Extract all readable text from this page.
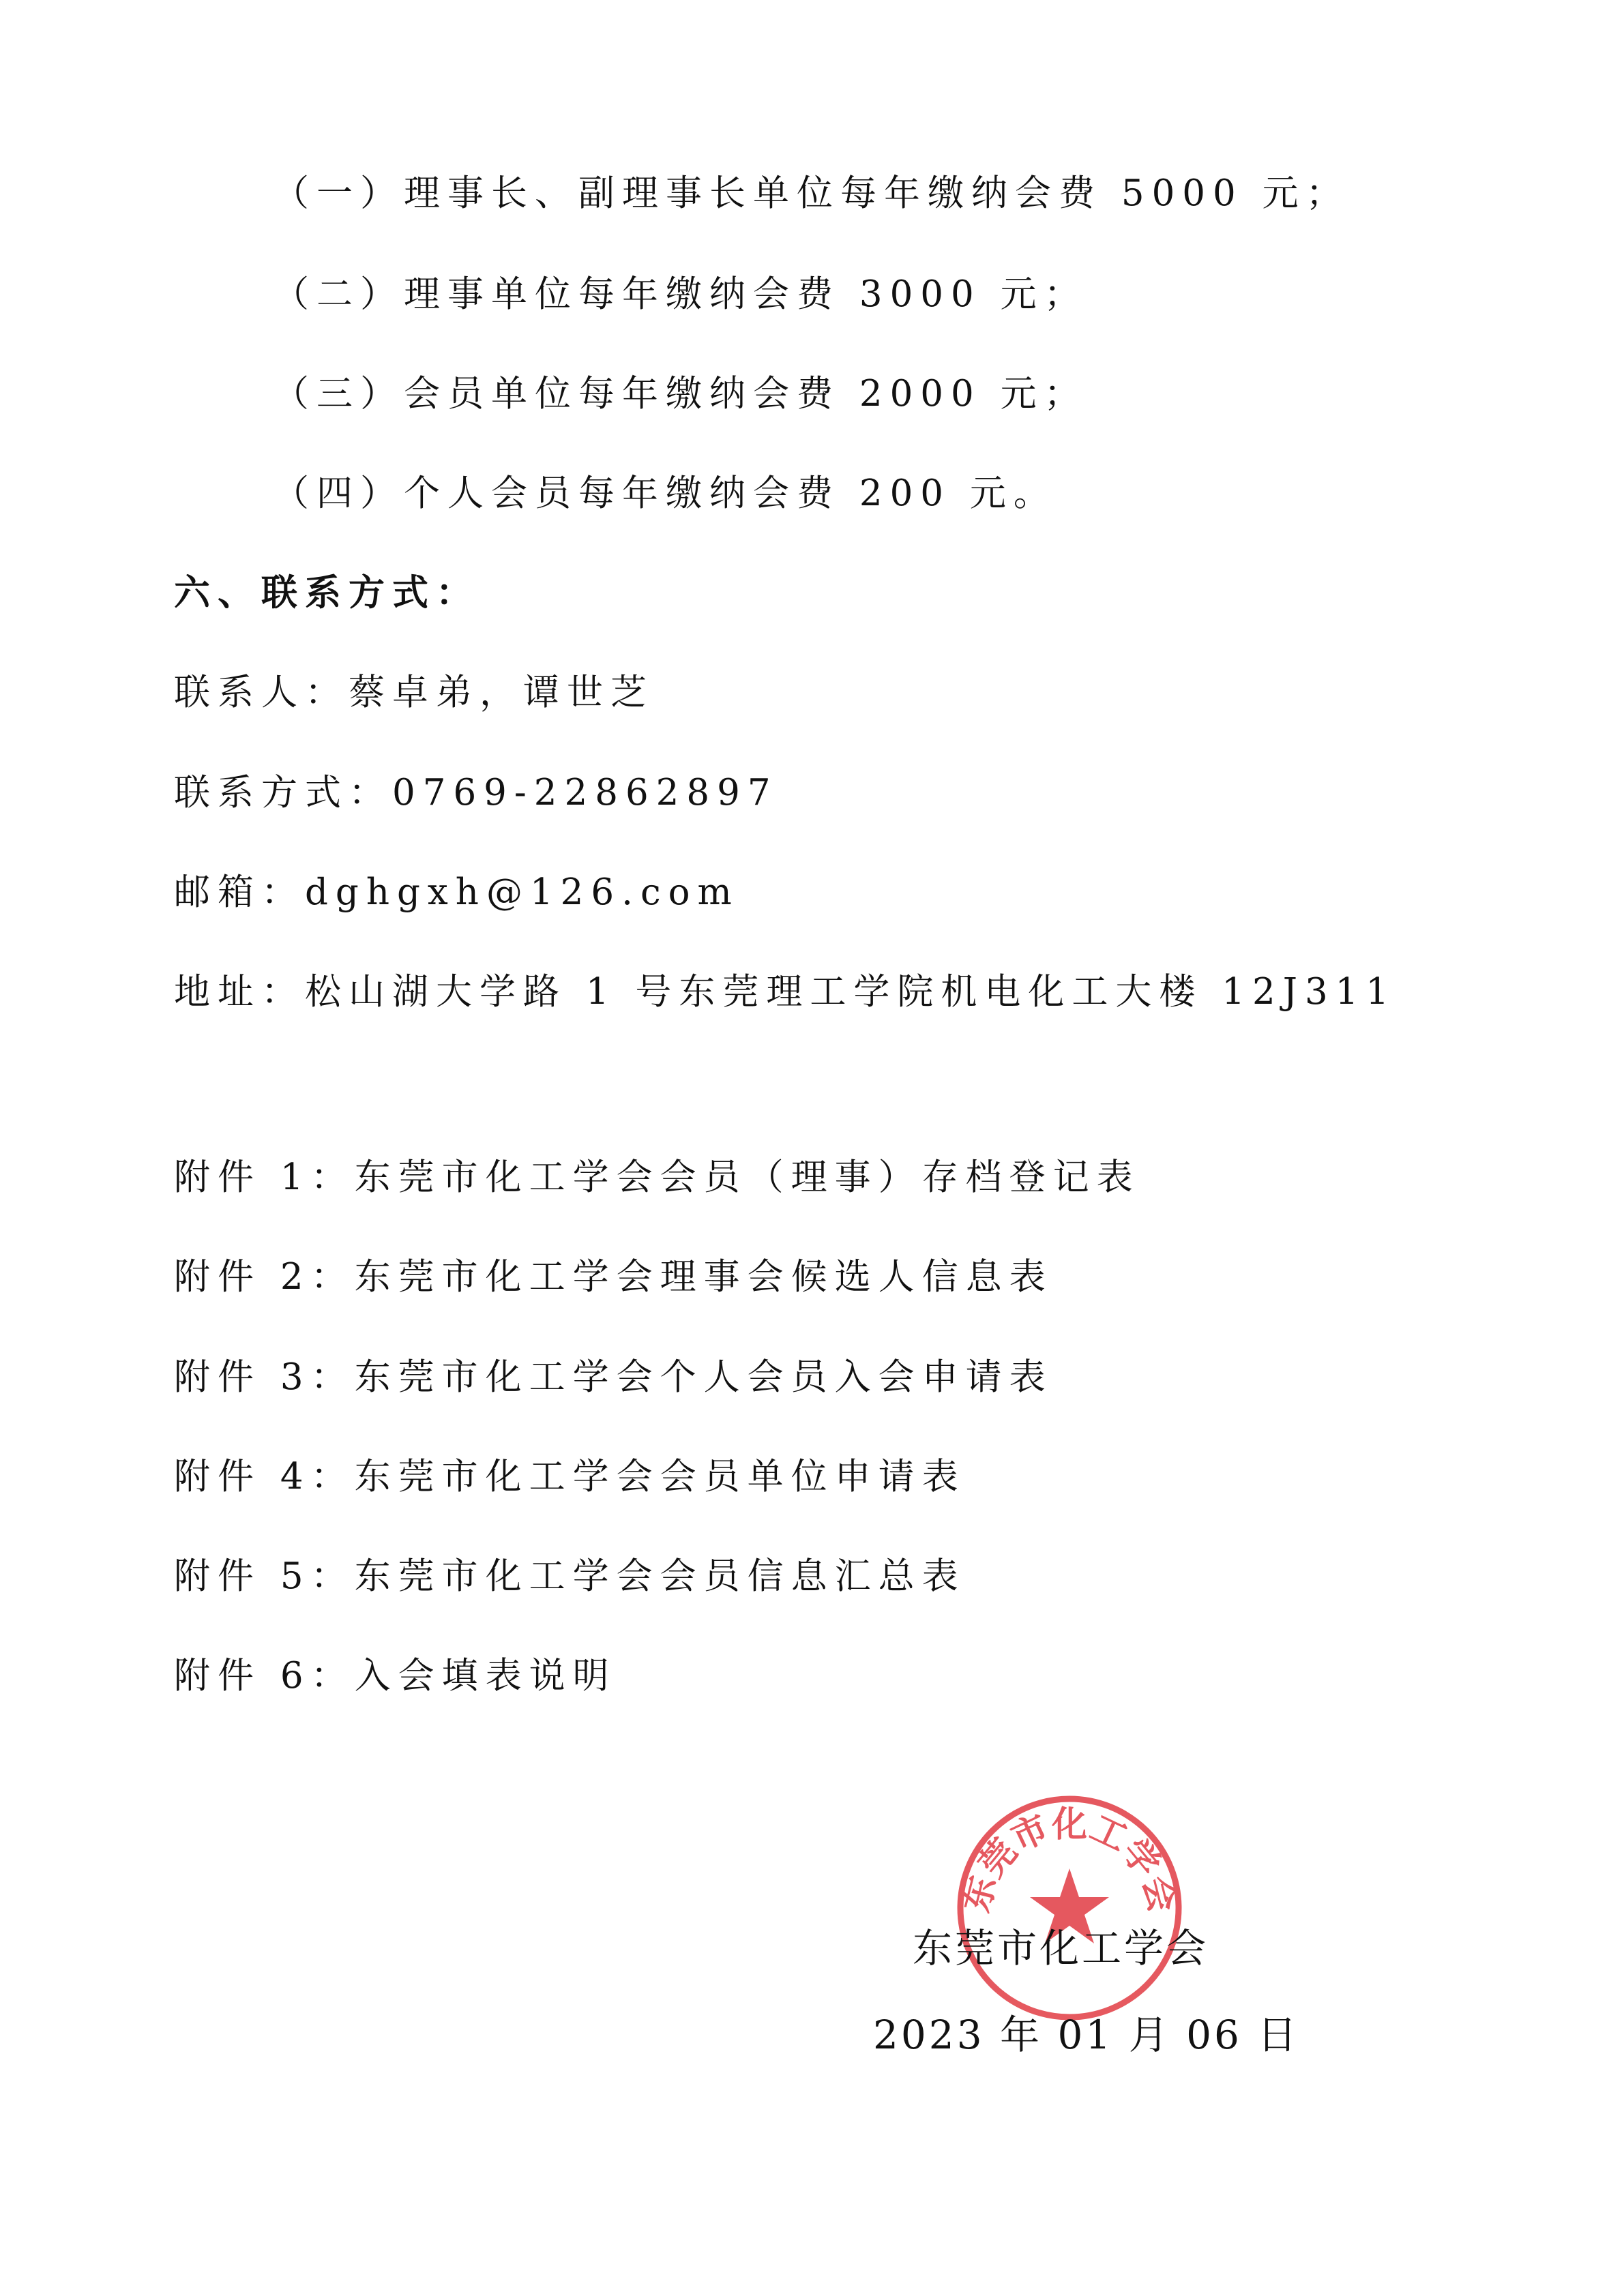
（一）理事长、副理事长单位每年缴纳会费 5000 元；
（二）理事单位每年缴纳会费 3000 元；
（三）会员单位每年缴纳会费 2000 元；
（四）个人会员每年缴纳会费 200 元。
六、联系方式：
联系人：蔡卓弟，谭世芝
联系方式：0769-22862897
邮箱：dghgxh@126.com
地址：松山湖大学路 1 号东莞理工学院机电化工大楼 12J311
附件 1：东莞市化工学会会员（理事）存档登记表
附件 2：东莞市化工学会理事会候选人信息表
附件 3：东莞市化工学会个人会员入会申请表
附件 4：东莞市化工学会会员单位申请表
附件 5：东莞市化工学会会员信息汇总表
附件 6：入会填表说明
东莞市化工学会
东莞市化工学会
2023 年 01 月 06 日
